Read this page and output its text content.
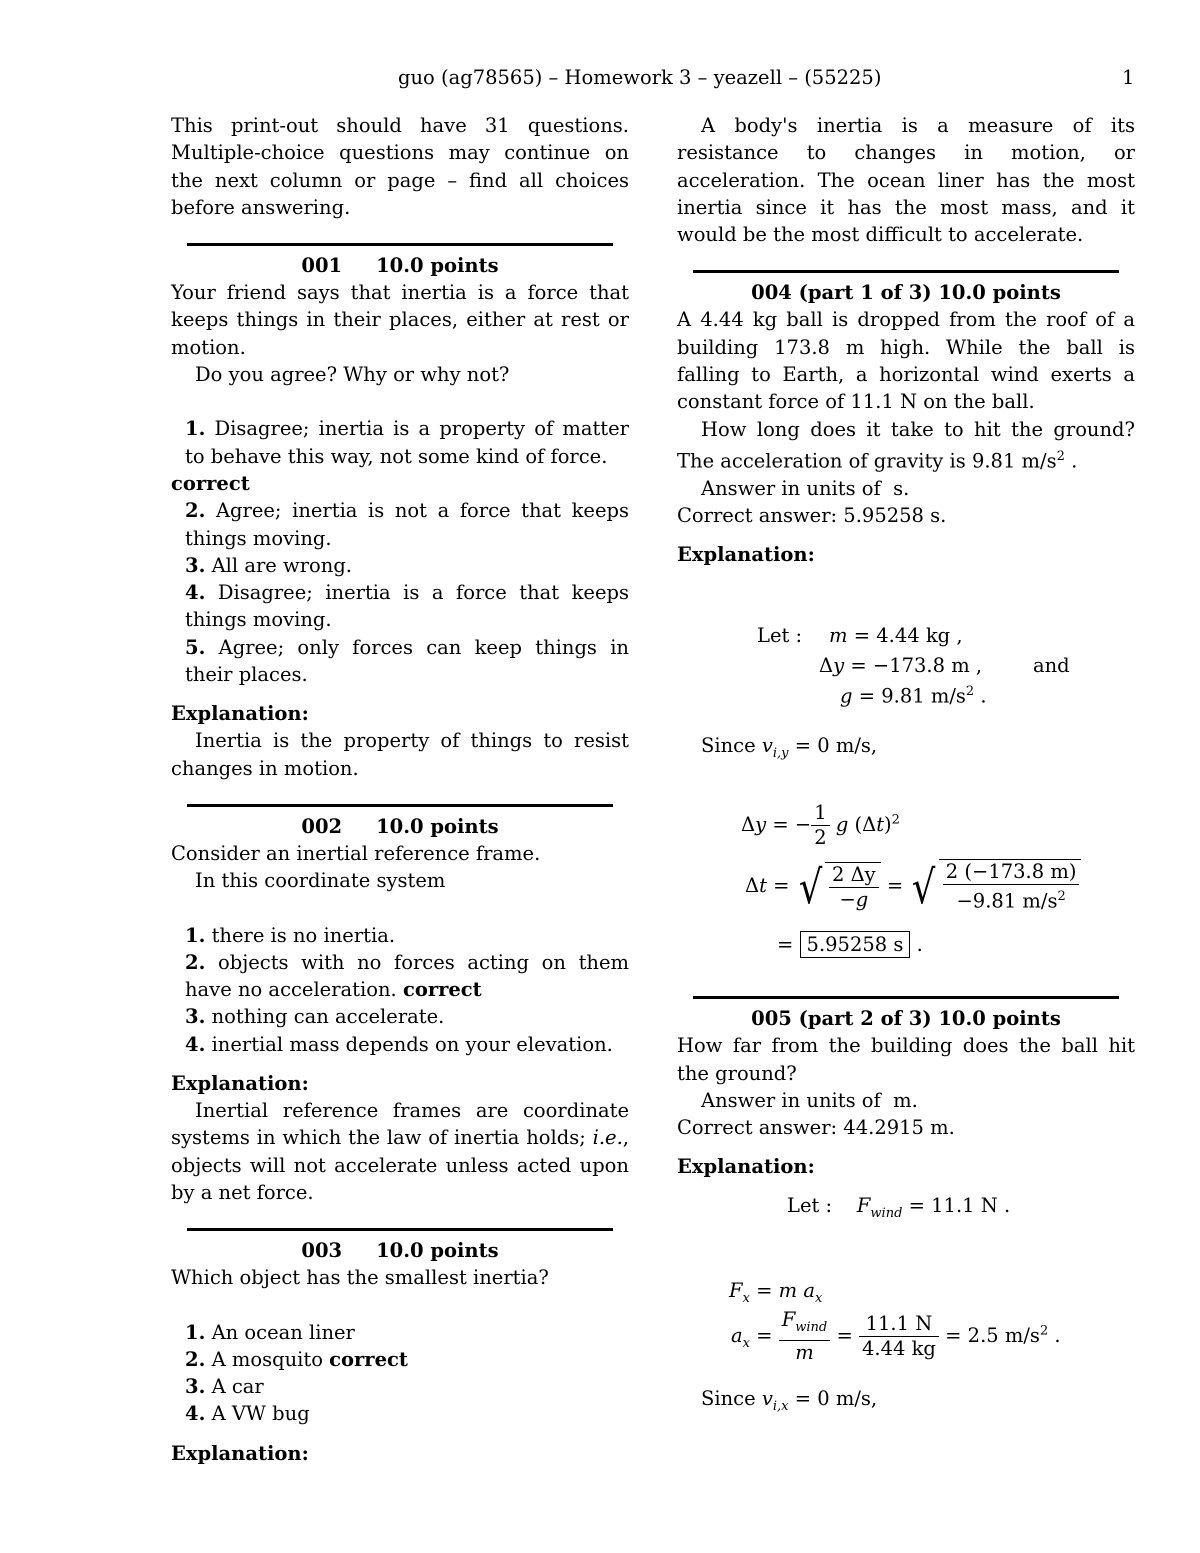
guo (ag78565) – Homework 3 – yeazell – (55225)	1
This print-out should have 31 questions. Multiple-choice questions may continue on the next column or page – find all choices before answering.
001     10.0 points
Your friend says that inertia is a force that keeps things in their places, either at rest or motion.
Do you agree? Why or why not?
1. Disagree; inertia is a property of matter to behave this way, not some kind of force.
correct
2. Agree; inertia is not a force that keeps things moving.
3. All are wrong.
4. Disagree; inertia is a force that keeps things moving.
5. Agree; only forces can keep things in their places.
Explanation:
Inertia is the property of things to resist changes in motion.
002     10.0 points
Consider an inertial reference frame.
In this coordinate system
1. there is no inertia.
2. objects with no forces acting on them have no acceleration. correct
3. nothing can accelerate.
4. inertial mass depends on your elevation.
Explanation:
Inertial reference frames are coordinate systems in which the law of inertia holds; i.e., objects will not accelerate unless acted upon by a net force.
003     10.0 points
Which object has the smallest inertia?
1. An ocean liner
2. A mosquito correct
3. A car
4. A VW bug
Explanation:
A body's inertia is a measure of its resistance to changes in motion, or acceleration. The ocean liner has the most inertia since it has the most mass, and it would be the most difficult to accelerate.
004 (part 1 of 3) 10.0 points
A 4.44 kg ball is dropped from the roof of a building 173.8 m high. While the ball is falling to Earth, a horizontal wind exerts a constant force of 11.1 N on the ball.
How long does it take to hit the ground? The acceleration of gravity is 9.81 $m/s^2$ .
Answer in units of  s.
Correct answer: 5.95258 s.
Explanation:
Let : m = 4.44 kg ,
Δy = −173.8 m ,	and
g = 9.81 $m/s^2$ .
Since $v_{i,y} = 0$ m/s,
Δy = − $\frac{1}{2}$ g $(\Delta t)^2$
Δt = √ $\frac{2 \Delta y}{-g}$ = √ $\frac{2 (-173.8 m)}{-9.81 m/s^2}$
= 5.95258 s .
005 (part 2 of 3) 10.0 points
How far from the building does the ball hit the ground?
Answer in units of  m.
Correct answer: 44.2915 m.
Explanation:
Let : $F_{wind} = 11.1$ N .
$F_x = m$ $a_x$
$a_x = \frac{F_{wind}}{m} = \frac{11.1 N}{4.44 kg} = 2.5$ $m/s^2$ .
Since $v_{i,x} = 0$ m/s,
